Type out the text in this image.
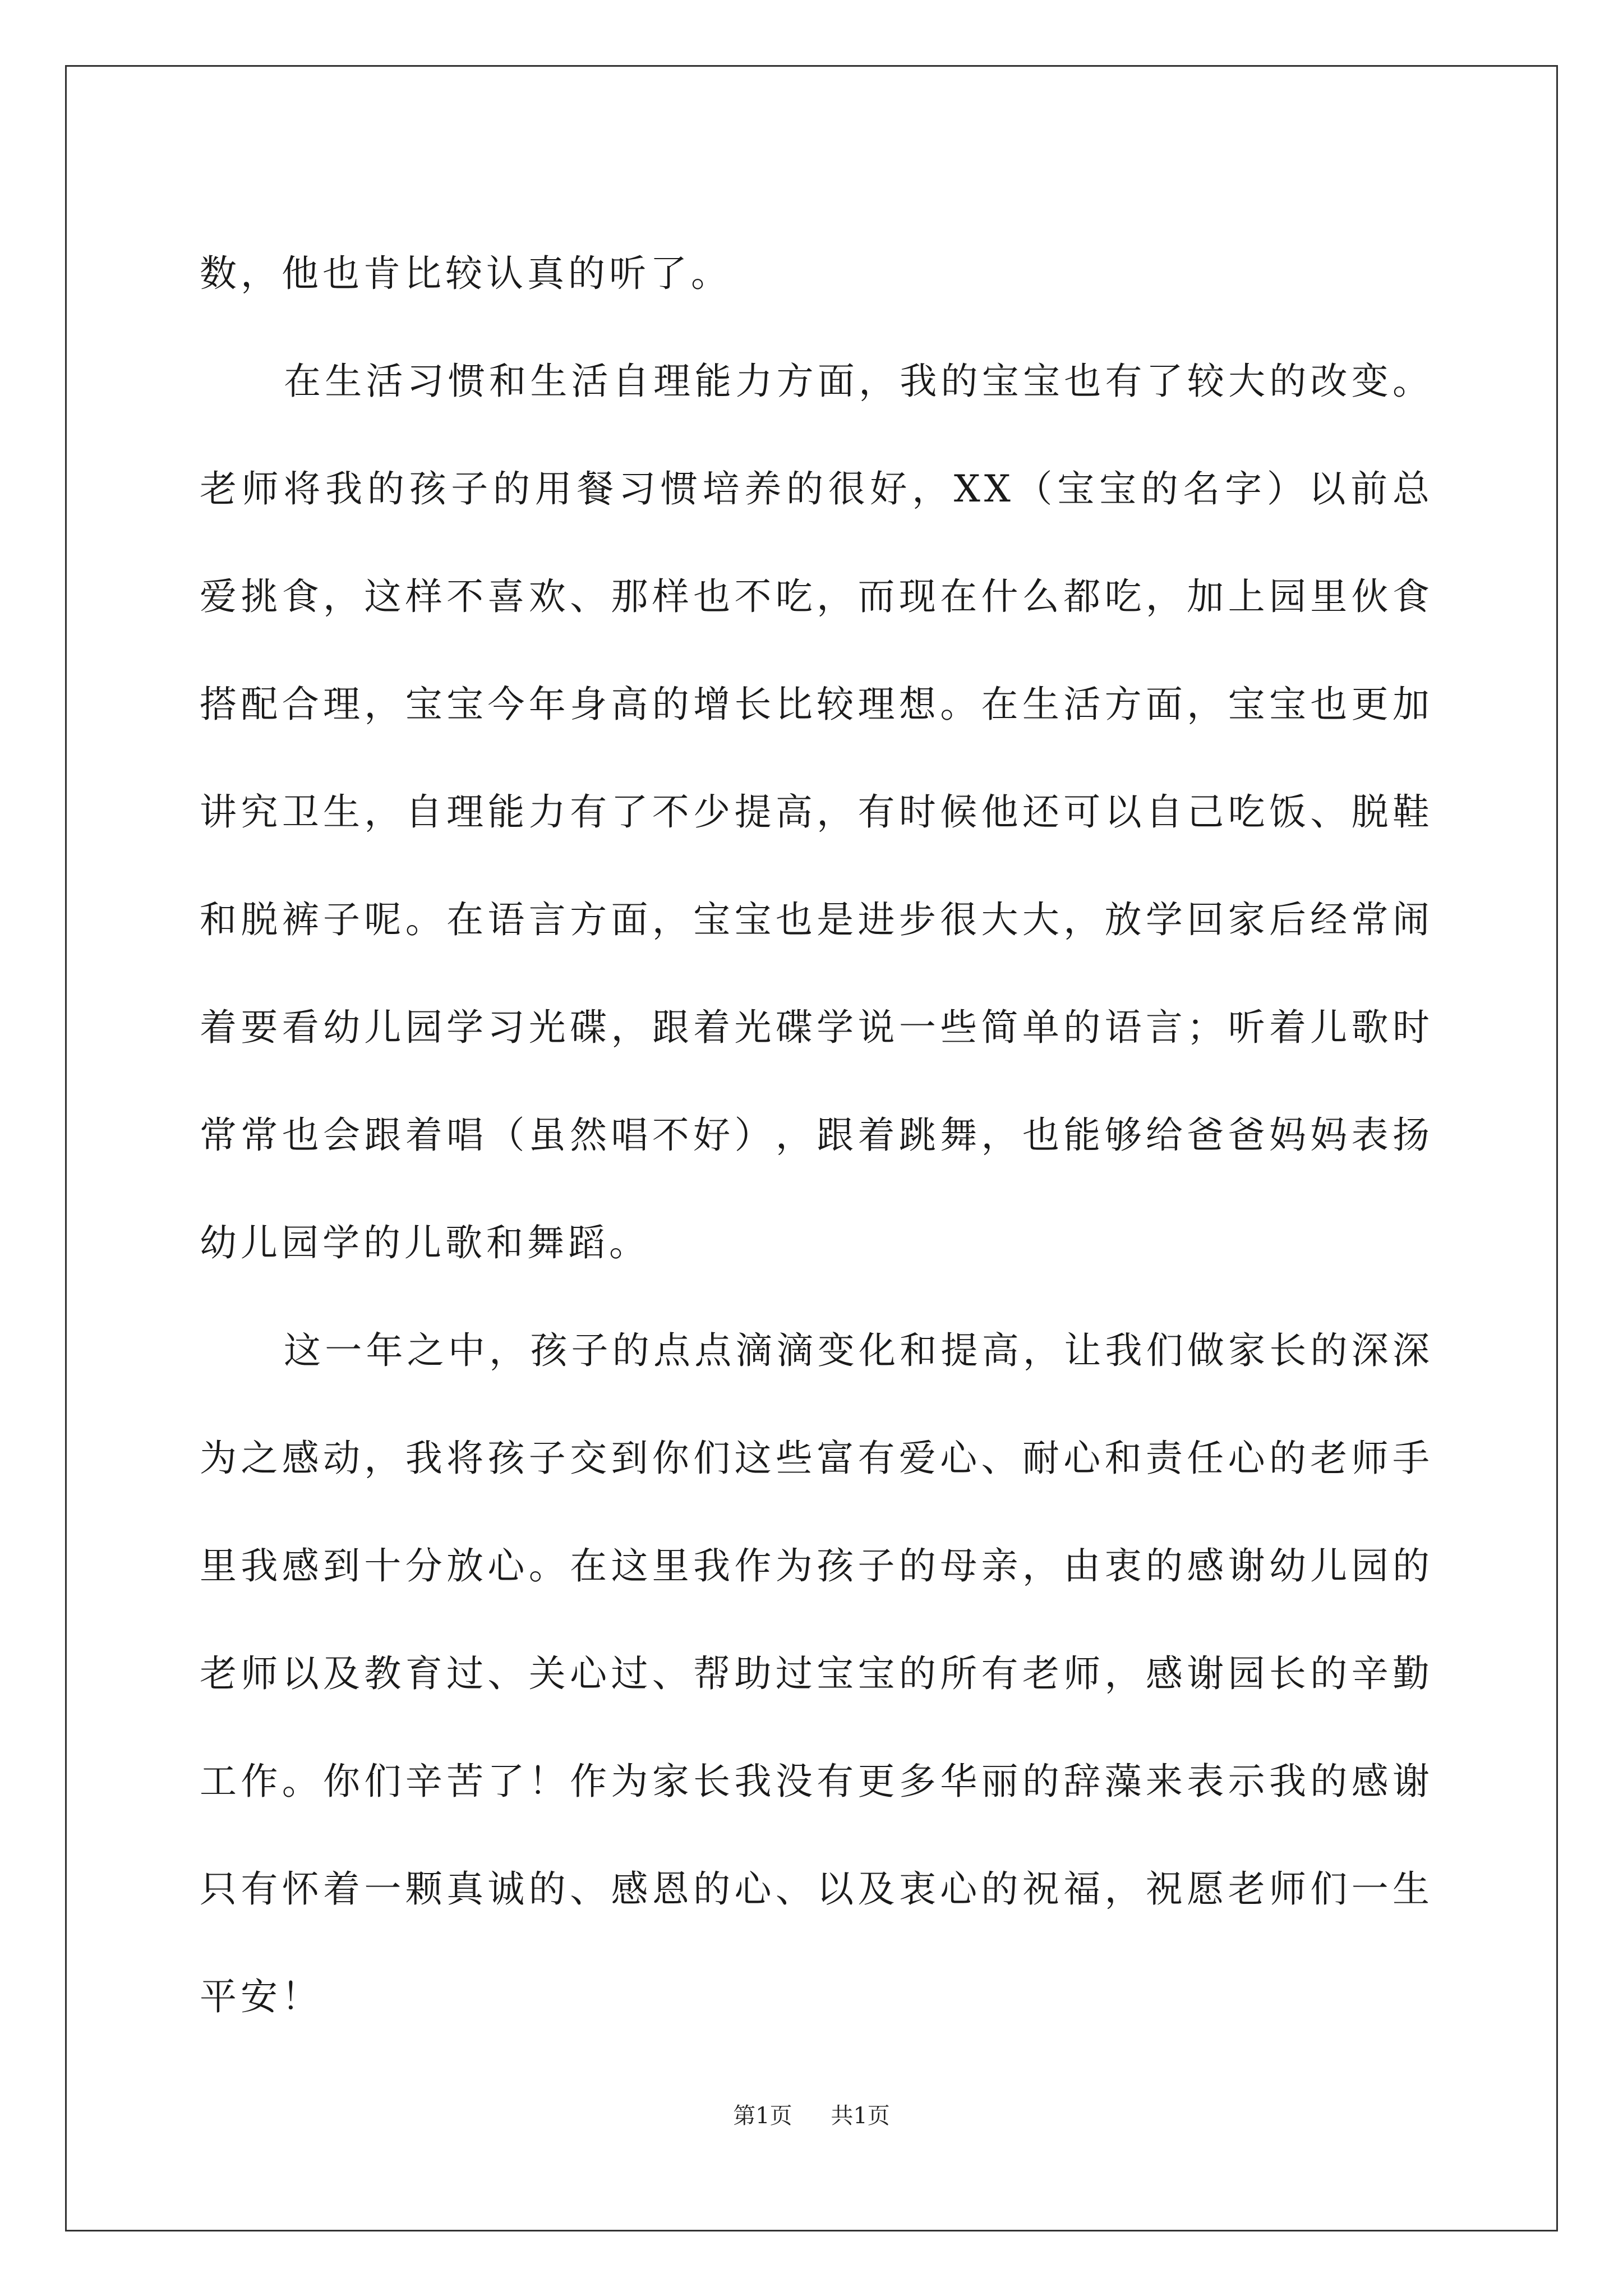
数，他也肯比较认真的听了。
在​生​活​习​惯​和​生​活​自​理​能​力​方​面​，​我​的​宝​宝​也​有​了​较​大​的​改​变​。
老​师​将​我​的​孩​子​的​用​餐​习​惯​培​养​的​很​好​，​X​X​（​宝​宝​的​名​字​）​以​前​总​
爱​挑​食​，​这​样​不​喜​欢​、​那​样​也​不​吃​，​而​现​在​什​么​都​吃​，​加​上​园​里​伙​食
搭​配​合​理​，​宝​宝​今​年​身​高​的​增​长​比​较​理​想​。​在​生​活​方​面​，​宝​宝​也​更​加
讲​究​卫​生​，​自​理​能​力​有​了​不​少​提​高​，​有​时​候​他​还​可​以​自​己​吃​饭​、​脱​鞋
和​脱​裤​子​呢​。​在​语​言​方​面​，​宝​宝​也​是​进​步​很​大​大​，​放​学​回​家​后​经​常​闹
着​要​看​幼​儿​园​学​习​光​碟​，​跟​着​光​碟​学​说​一​些​简​单​的​语​言​；​听​着​儿​歌​时
常​常​也​会​跟​着​唱​（​虽​然​唱​不​好​）​，​跟​着​跳​舞​，​也​能​够​给​爸​爸​妈​妈​表​扬
幼儿园学的儿歌和舞蹈。
这​一​年​之​中​，​孩​子​的​点​点​滴​滴​变​化​和​提​高​，​让​我​们​做​家​长​的​深​深
为​之​感​动​，​我​将​孩​子​交​到​你​们​这​些​富​有​爱​心​、​耐​心​和​责​任​心​的​老​师​手
里​我​感​到​十​分​放​心​。​在​这​里​我​作​为​孩​子​的​母​亲​，​由​衷​的​感​谢​幼​儿​园​的
老​师​以​及​教​育​过​、​关​心​过​、​帮​助​过​宝​宝​的​所​有​老​师​，​感​谢​园​长​的​辛​勤
工​作​。​你​们​辛​苦​了​！​作​为​家​长​我​没​有​更​多​华​丽​的​辞​藻​来​表​示​我​的​感​谢
只​有​怀​着​一​颗​真​诚​的​、​感​恩​的​心​、​以​及​衷​心​的​祝​福​，​祝​愿​老​师​们​一​生
平安！
第1页 共1页
